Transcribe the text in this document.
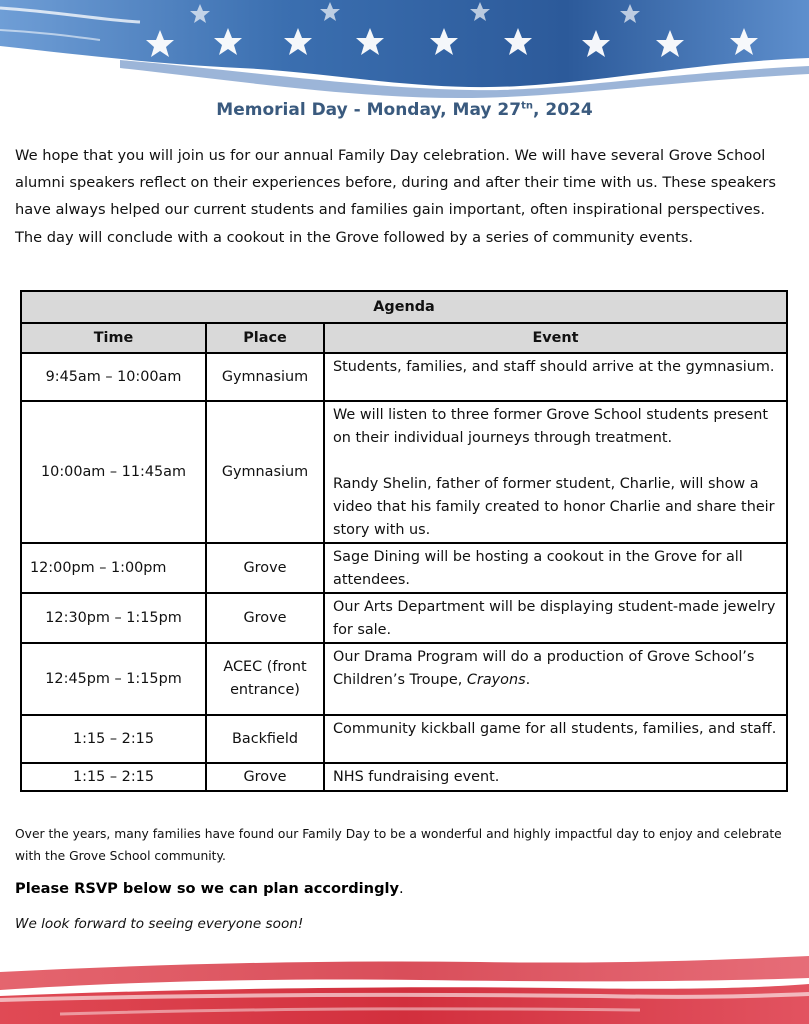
Memorial Day - Monday, May $27^{tn}$, 2024

We hope that you will join us for our annual Family Day celebration. We will have several Grove School alumni speakers reflect on their experiences before, during and after their time with us. These speakers have always helped our current students and families gain important, often inspirational perspectives. The day will conclude with a cookout in the Grove followed by a series of community events.

Agenda		
Time	Place	Event
9:45am – 10:00am	Gymnasium	Students, families, and staff should arrive at the gymnasium.
10:00am – 11:45am	Gymnasium	We will listen to three former Grove School students present on their individual journeys through treatment.
Randy Shelin, father of former student, Charlie, will show a video that his family created to honor Charlie and share their story with us.
12:00pm – 1:00pm	Grove	Sage Dining will be hosting a cookout in the Grove for all attendees.
12:30pm – 1:15pm	Grove	Our Arts Department will be displaying student-made jewelry for sale.
12:45pm – 1:15pm	ACEC (front entrance)	Our Drama Program will do a production of Grove School’s Children’s Troupe, Crayons.
1:15 – 2:15	Backfield	Community kickball game for all students, families, and staff.
1:15 – 2:15	Grove	NHS fundraising event.

Over the years, many families have found our Family Day to be a wonderful and highly impactful day to enjoy and celebrate with the Grove School community.

Please RSVP below so we can plan accordingly.

We look forward to seeing everyone soon!
